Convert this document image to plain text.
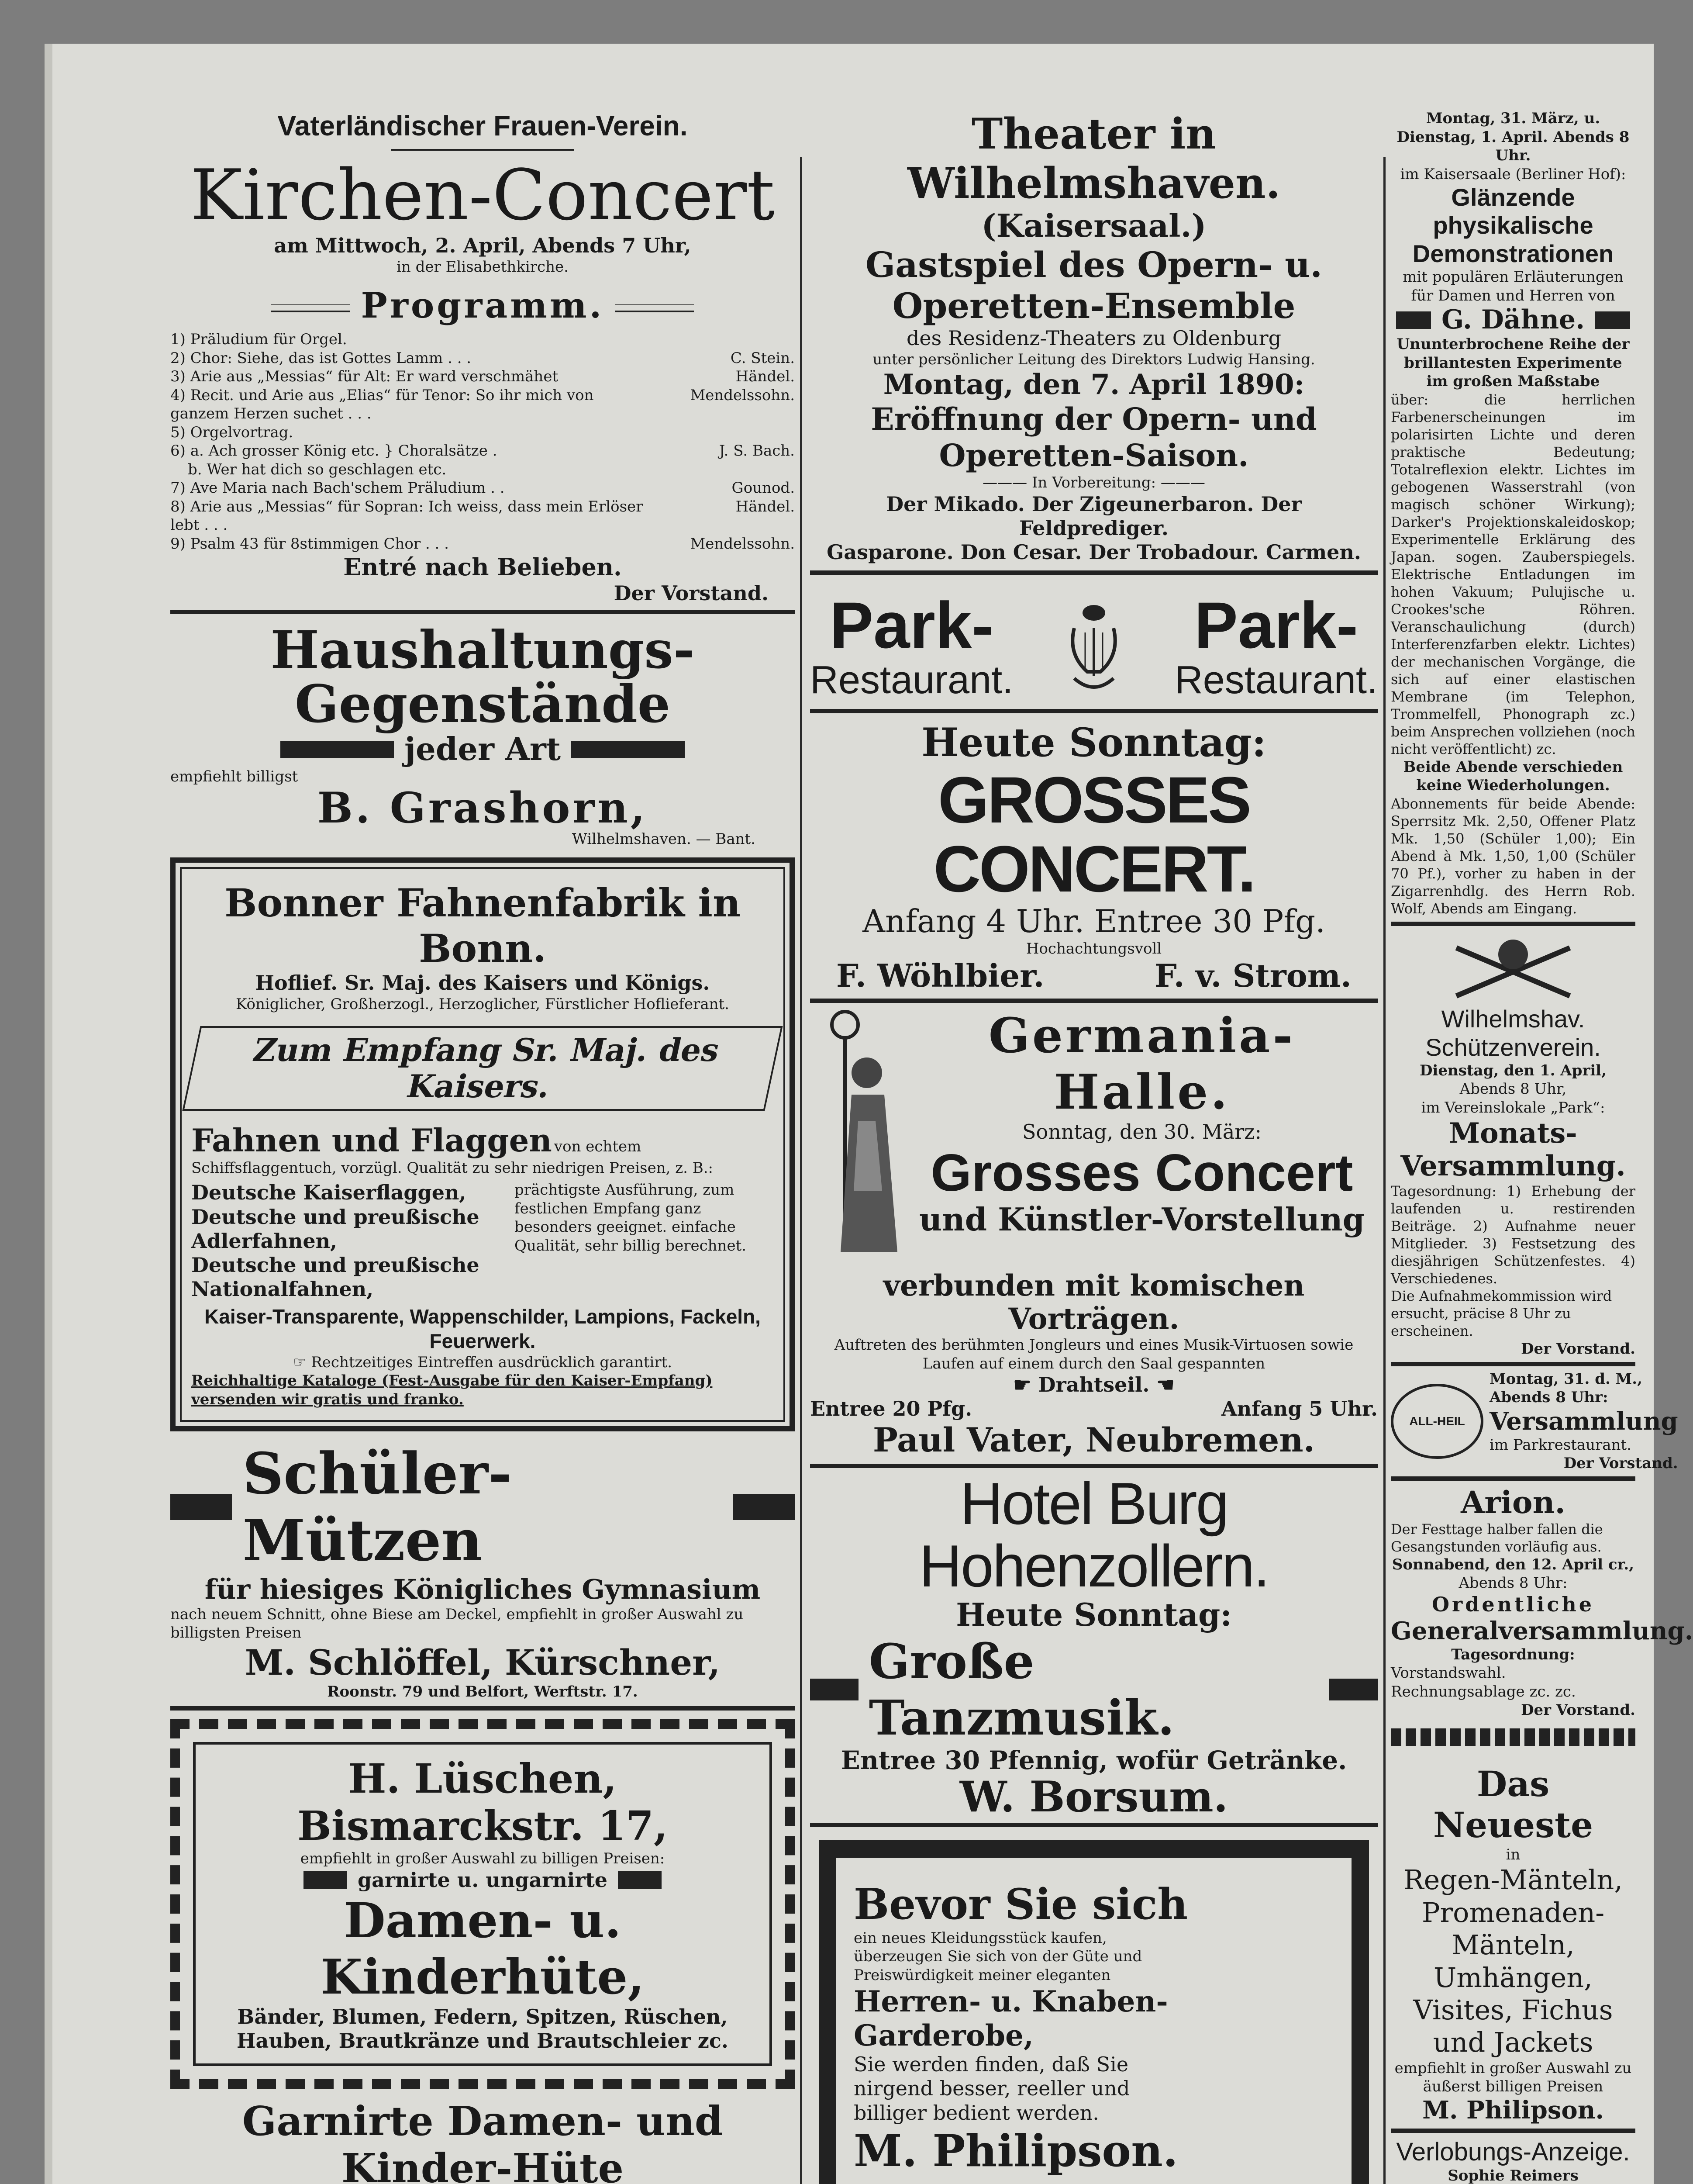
Vaterländischer Frauen-Verein.
Kirchen-Concert
am Mittwoch, 2. April, Abends 7 Uhr,
in der Elisabethkirche.
Programm.
1) Präludium für Orgel.
2) Chor: Siehe, das ist Gottes Lamm . . .	C. Stein.
3) Arie aus „Messias“ für Alt: Er ward verschmähet	Händel.
4) Recit. und Arie aus „Elias“ für Tenor: So ihr mich von ganzem Herzen suchet . . .
Mendelssohn.
5) Orgelvortrag.
6) a. Ach grosser König etc. } Choralsätze .	J. S. Bach.
b. Wer hat dich so geschlagen etc.
7) Ave Maria nach Bach'schem Präludium . .	Gounod.
8) Arie aus „Messias“ für Sopran: Ich weiss, dass mein Erlöser lebt . . .
Händel.
9) Psalm 43 für 8stimmigen Chor . . .	Mendelssohn.
Entré nach Belieben.
Der Vorstand.
Haushaltungs-Gegenstände
jeder Art
empfiehlt billigst
B. Grashorn,
Wilhelmshaven. — Bant.
Bonner Fahnenfabrik in Bonn.
Hoflief. Sr. Maj. des Kaisers und Königs.
Königlicher, Großherzogl., Herzoglicher, Fürstlicher Hoflieferant.
Zum Empfang Sr. Maj. des Kaisers.
Fahnen und Flaggen von echtem Schiffsflaggentuch, vorzügl. Qualität zu sehr niedrigen Preisen, z. B.:
Deutsche Kaiserflaggen,
Deutsche und preußische Adlerfahnen,
Deutsche und preußische Nationalfahnen,
prächtigste Ausführung, zum festlichen Empfang ganz besonders geeignet. einfache Qualität, sehr billig berechnet.
Kaiser-Transparente, Wappenschilder, Lampions, Fackeln, Feuerwerk.
☞ Rechtzeitiges Eintreffen ausdrücklich garantirt.
Reichhaltige Kataloge (Fest-Ausgabe für den Kaiser-Empfang)
versenden wir gratis und franko.
Schüler-Mützen
für hiesiges Königliches Gymnasium
nach neuem Schnitt, ohne Biese am Deckel, empfiehlt in großer Auswahl zu billigsten Preisen
M. Schlöffel, Kürschner,
Roonstr. 79 und Belfort, Werftstr. 17.
H. Lüschen, Bismarckstr. 17,
empfiehlt in großer Auswahl zu billigen Preisen:
garnirte u. ungarnirte
Damen- u. Kinderhüte,
Bänder, Blumen, Federn, Spitzen, Rüschen, Hauben, Brautkränze und Brautschleier zc.
Garnirte Damen- und Kinder-Hüte
Theater in Wilhelmshaven.
(Kaisersaal.)
Gastspiel des Opern- u. Operetten-Ensemble
des Residenz-Theaters zu Oldenburg
unter persönlicher Leitung des Direktors Ludwig Hansing.
Montag, den 7. April 1890:
Eröffnung der Opern- und Operetten-Saison.
——— In Vorbereitung: ———
Der Mikado. Der Zigeunerbaron. Der Feldprediger.
Gasparone. Don Cesar. Der Trobadour. Carmen.
Park-
Restaurant.
Park-
Restaurant.
Heute Sonntag:
GROSSES CONCERT.
Anfang 4 Uhr. Entree 30 Pfg.
Hochachtungsvoll
F. Wöhlbier.	F. v. Strom.
Germania-Halle.
Sonntag, den 30. März:
Grosses Concert
und Künstler-Vorstellung
verbunden mit komischen Vorträgen.
Auftreten des berühmten Jongleurs und eines Musik-Virtuosen sowie Laufen auf einem durch den Saal gespannten
☛ Drahtseil. ☚
Entree 20 Pfg.	Anfang 5 Uhr.
Paul Vater, Neubremen.
Hotel Burg Hohenzollern.
Heute Sonntag:
Große Tanzmusik.
Entree 30 Pfennig, wofür Getränke.
W. Borsum.
Bevor Sie sich
ein neues Kleidungsstück kaufen, überzeugen Sie sich von der Güte und Preiswürdigkeit meiner eleganten
Herren- u. Knaben-Garderobe,
Sie werden finden, daß Sie nirgend besser, reeller und billiger bedient werden.
M. Philipson.
Montag, 31. März, u. Dienstag, 1. April. Abends 8 Uhr.
im Kaisersaale (Berliner Hof):
Glänzende physikalische Demonstrationen
mit populären Erläuterungen für Damen und Herren von
G. Dähne.
Ununterbrochene Reihe der brillantesten Experimente im großen Maßstabe
über: die herrlichen Farbenerscheinungen im polarisirten Lichte und deren praktische Bedeutung; Totalreflexion elektr. Lichtes im gebogenen Wasserstrahl (von magisch schöner Wirkung); Darker's Projektionskaleidoskop; Experimentelle Erklärung des Japan. sogen. Zauberspiegels. Elektrische Entladungen im hohen Vakuum; Pulujische u. Crookes'sche Röhren. Veranschaulichung (durch) Interferenzfarben elektr. Lichtes) der mechanischen Vorgänge, die sich auf einer elastischen Membrane (im Telephon, Trommelfell, Phonograph zc.) beim Ansprechen vollziehen (noch nicht veröffentlicht) zc.
Beide Abende verschieden keine Wiederholungen.
Abonnements für beide Abende: Sperrsitz Mk. 2,50, Offener Platz Mk. 1,50 (Schüler 1,00); Ein Abend à Mk. 1,50, 1,00 (Schüler 70 Pf.), vorher zu haben in der Zigarrenhdlg. des Herrn Rob. Wolf, Abends am Eingang.
Wilhelmshav. Schützenverein.
Dienstag, den 1. April,
Abends 8 Uhr,
im Vereinslokale „Park“:
Monats-Versammlung.
Tagesordnung: 1) Erhebung der laufenden u. restirenden Beiträge. 2) Aufnahme neuer Mitglieder. 3) Festsetzung des diesjährigen Schützenfestes. 4) Verschiedenes.
Die Aufnahmekommission wird ersucht, präcise 8 Uhr zu erscheinen.
Der Vorstand.
ALL-HEIL
Montag, 31. d. M., Abends 8 Uhr:
Versammlung
im Parkrestaurant.
Der Vorstand.
Arion.
Der Festtage halber fallen die Gesangstunden vorläufig aus.
Sonnabend, den 12. April cr.,
Abends 8 Uhr:
Ordentliche
Generalversammlung.
Tagesordnung:
Vorstandswahl. Rechnungsablage zc. zc.
Der Vorstand.
Das Neueste
in
Regen-Mänteln, Promenaden-Mänteln, Umhängen, Visites, Fichus und Jackets
empfiehlt in großer Auswahl zu äußerst billigen Preisen
M. Philipson.
Verlobungs-Anzeige.
Sophie Reimers
